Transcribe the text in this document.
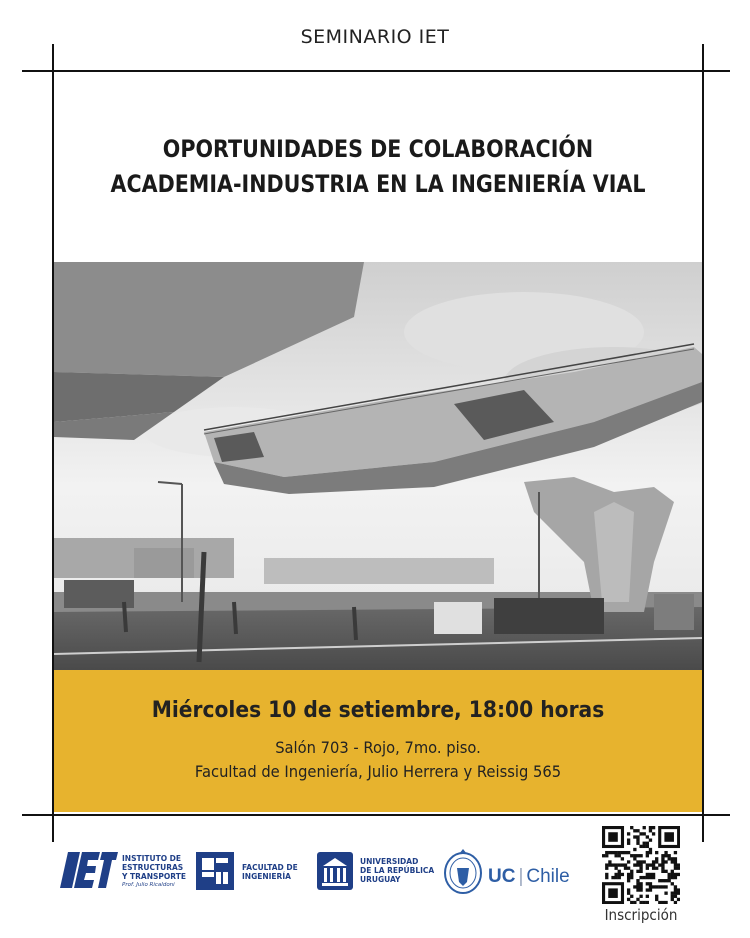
SEMINARIO IET
OPORTUNIDADES DE COLABORACIÓN
ACADEMIA-INDUSTRIA EN LA INGENIERÍA VIAL
Miércoles 10 de setiembre, 18:00 horas
Salón 703 - Rojo, 7mo. piso.
Facultad de Ingeniería, Julio Herrera y Reissig 565
INSTITUTO DE
ESTRUCTURAS
Y TRANSPORTE
Prof. Julio Ricaldoni
FACULTAD DE
INGENIERÍA
UNIVERSIDAD
DE LA REPÚBLICA
URUGUAY	UC | Chile
Inscripción
